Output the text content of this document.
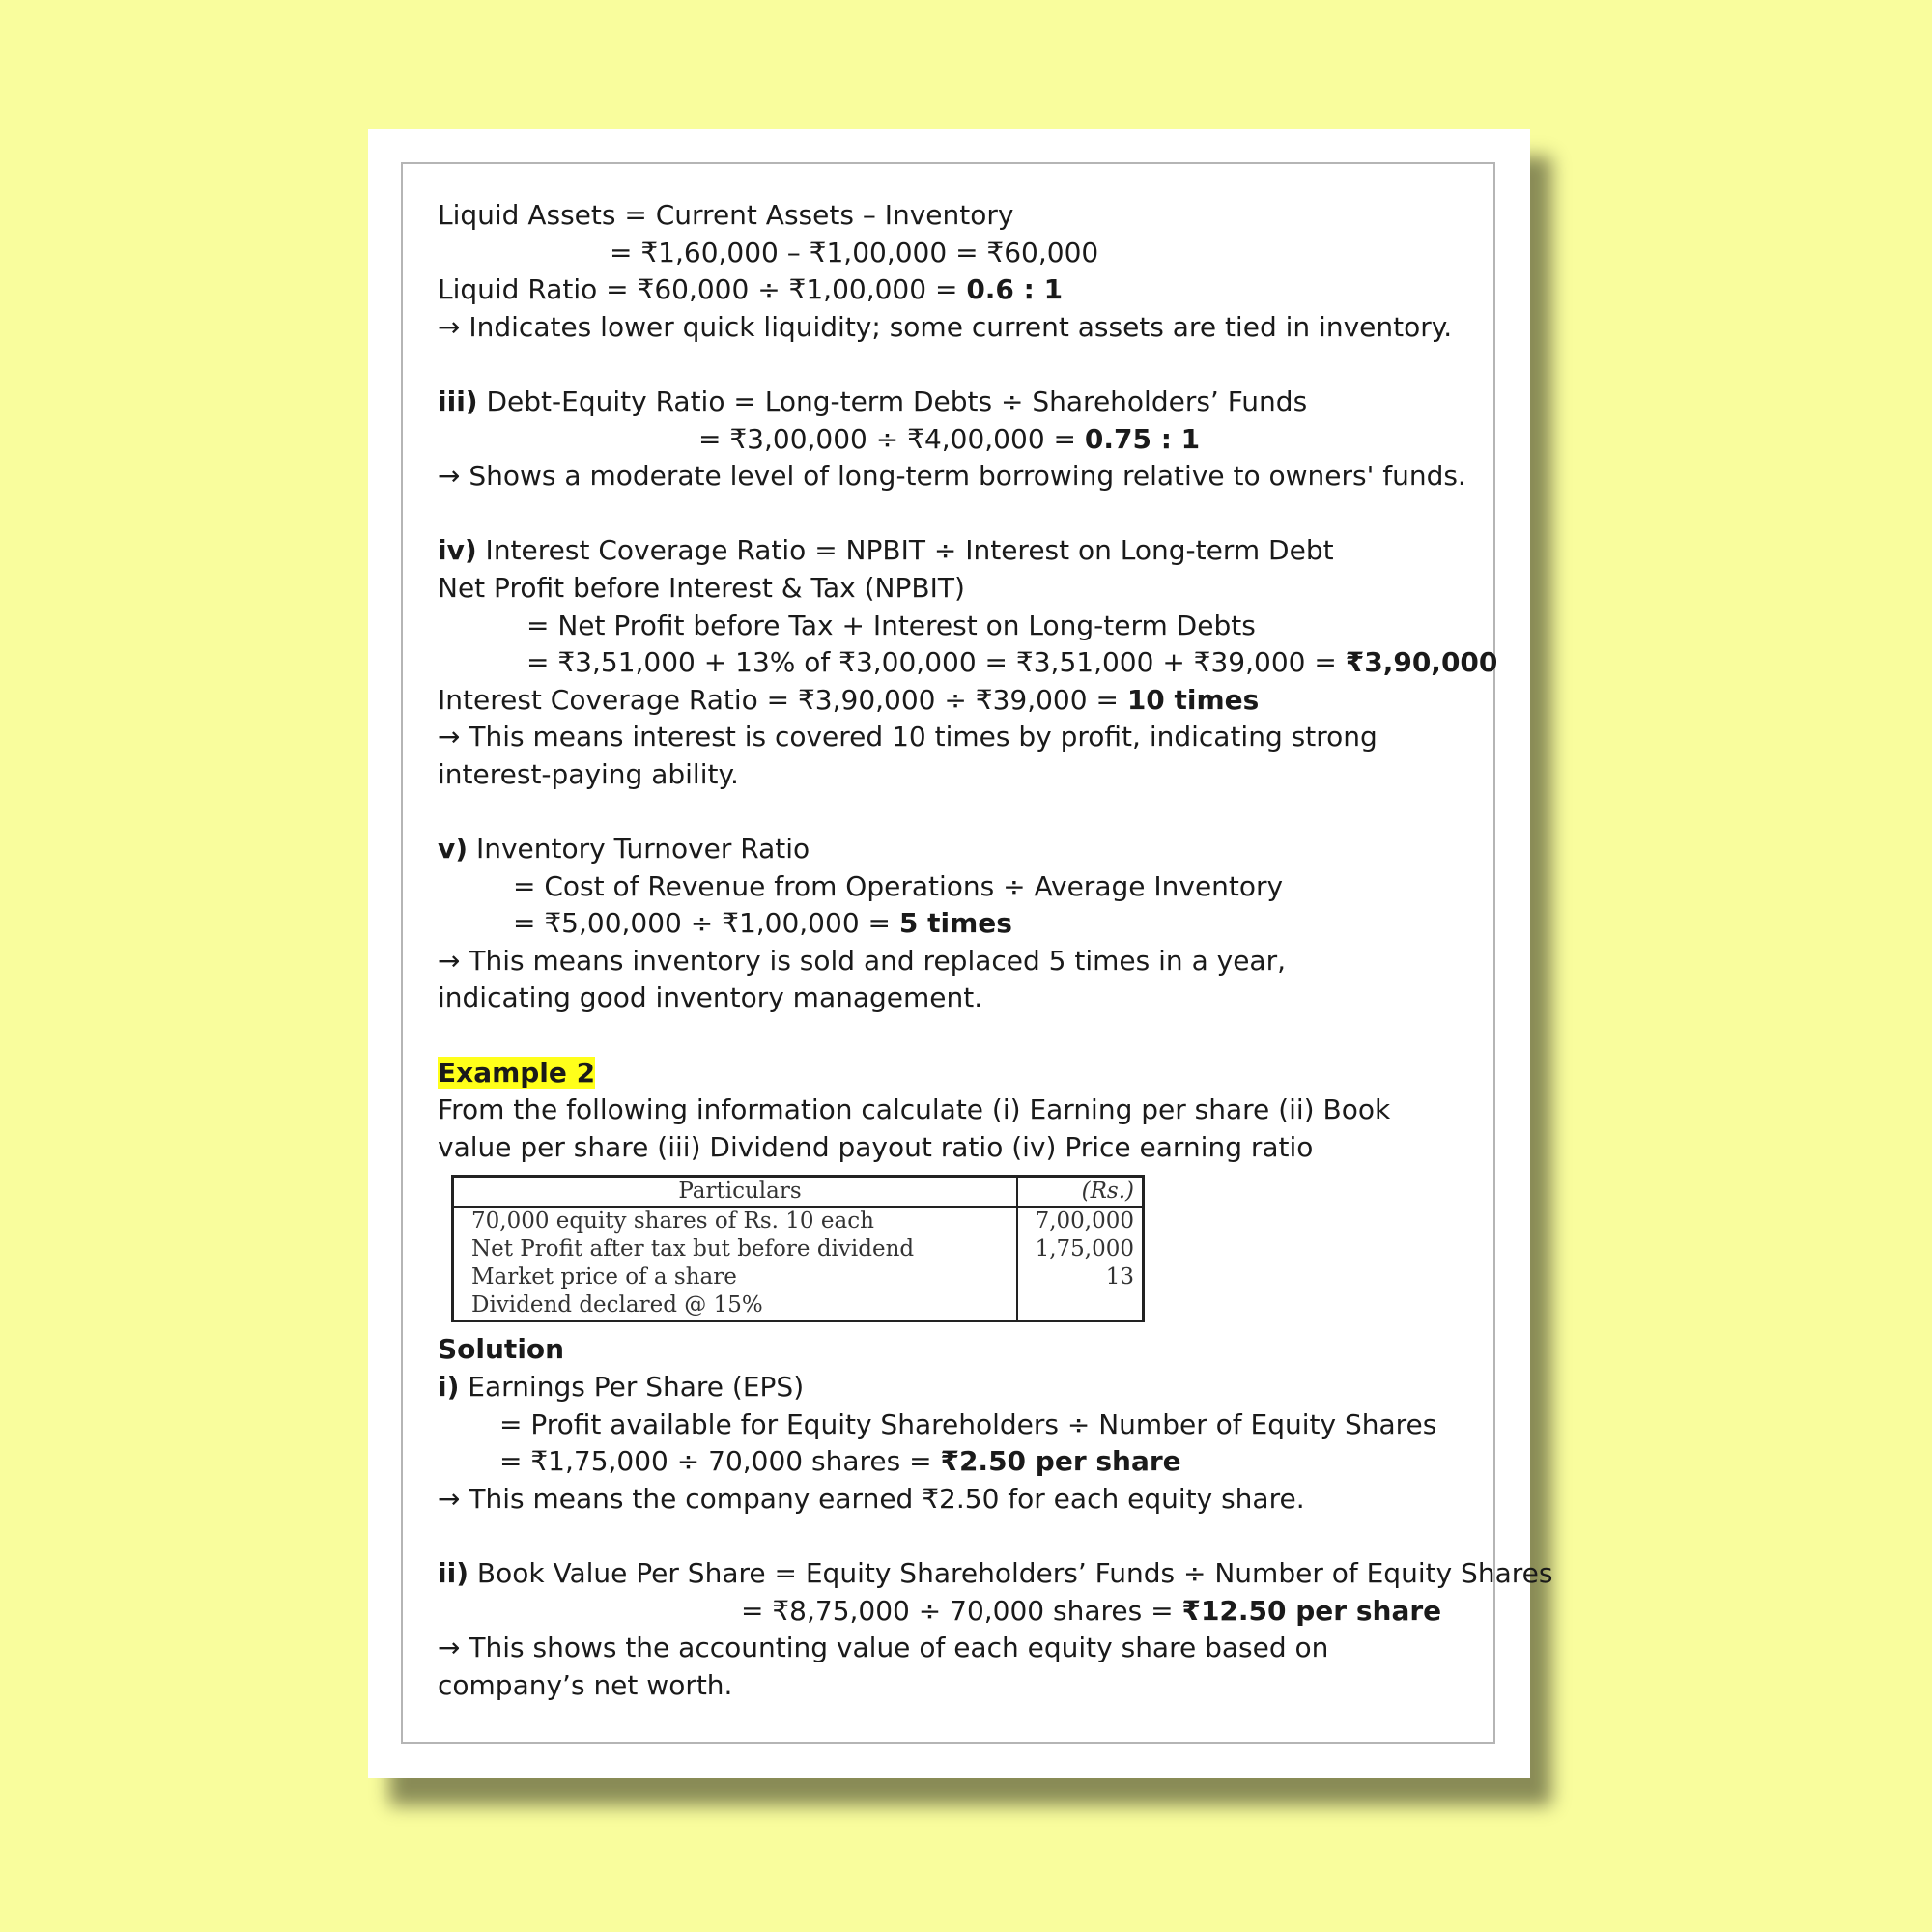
Liquid Assets = Current Assets – Inventory
= ₹1,60,000 – ₹1,00,000 = ₹60,000
Liquid Ratio = ₹60,000 ÷ ₹1,00,000 = 0.6 : 1
→ Indicates lower quick liquidity; some current assets are tied in inventory.
iii) Debt-Equity Ratio = Long-term Debts ÷ Shareholders’ Funds
= ₹3,00,000 ÷ ₹4,00,000 = 0.75 : 1
→ Shows a moderate level of long-term borrowing relative to owners' funds.
iv) Interest Coverage Ratio = NPBIT ÷ Interest on Long-term Debt
Net Profit before Interest & Tax (NPBIT)
= Net Profit before Tax + Interest on Long-term Debts
= ₹3,51,000 + 13% of ₹3,00,000 = ₹3,51,000 + ₹39,000 = ₹3,90,000
Interest Coverage Ratio = ₹3,90,000 ÷ ₹39,000 = 10 times
→ This means interest is covered 10 times by profit, indicating strong interest-paying ability.
v) Inventory Turnover Ratio
= Cost of Revenue from Operations ÷ Average Inventory
= ₹5,00,000 ÷ ₹1,00,000 = 5 times
→ This means inventory is sold and replaced 5 times in a year, indicating good inventory management.
Example 2
From the following information calculate (i) Earning per share (ii) Book value per share (iii) Dividend payout ratio (iv) Price earning ratio
Particulars	(Rs.)
70,000 equity shares of Rs. 10 each	7,00,000
Net Profit after tax but before dividend	1,75,000
Market price of a share	13
Dividend declared @ 15%	
Solution
i) Earnings Per Share (EPS)
= Profit available for Equity Shareholders ÷ Number of Equity Shares
= ₹1,75,000 ÷ 70,000 shares = ₹2.50 per share
→ This means the company earned ₹2.50 for each equity share.
ii) Book Value Per Share = Equity Shareholders’ Funds ÷ Number of Equity Shares
= ₹8,75,000 ÷ 70,000 shares = ₹12.50 per share
→ This shows the accounting value of each equity share based on company’s net worth.
